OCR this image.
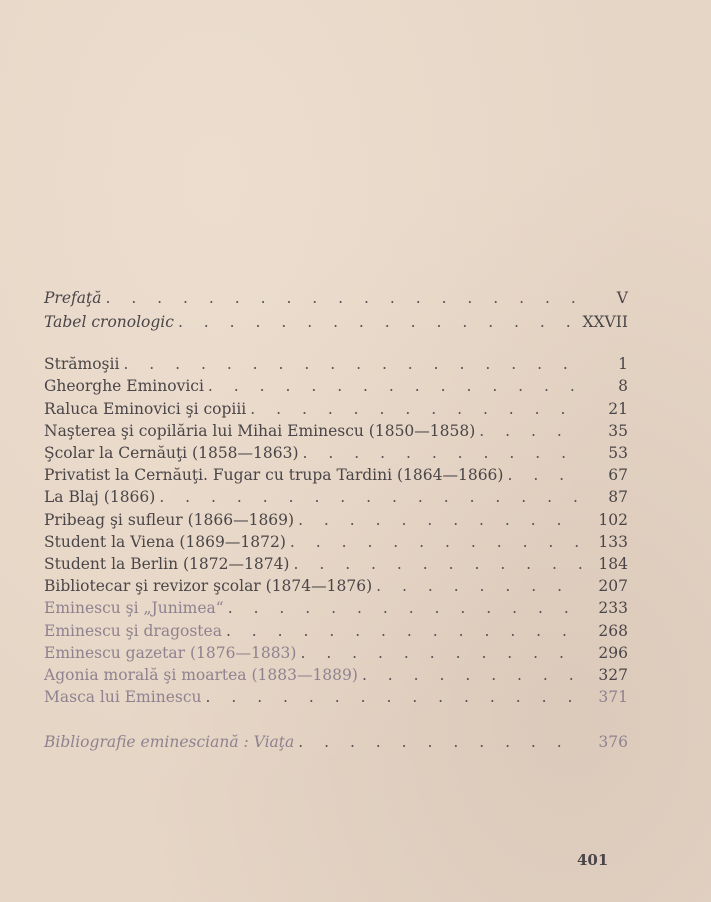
Prefaţă . . .	V
Tabel cronologic . . .	XXVII
Strămoşii . . .	1
Gheorghe Eminovici . . .	8
Raluca Eminovici şi copiii . . .	21
Naşterea şi copilăria lui Mihai Eminescu (1850—1858) . . .	35
Şcolar la Cernăuţi (1858—1863) . . .	53
Privatist la Cernăuţi. Fugar cu trupa Tardini (1864—1866) . . .	67
La Blaj (1866) . . .	87
Pribeag şi sufleur (1866—1869) . . .	102
Student la Viena (1869—1872) . . .	133
Student la Berlin (1872—1874) . . .	184
Bibliotecar şi revizor şcolar (1874—1876) . . .	207
Eminescu şi „Junimea“ . . .	233
Eminescu şi dragostea . . .	268
Eminescu gazetar (1876—1883) . . .	296
Agonia morală şi moartea (1883—1889) . . .	327
Masca lui Eminescu . . .	371
Bibliografie eminesciană : Viaţa . . .	376
401
